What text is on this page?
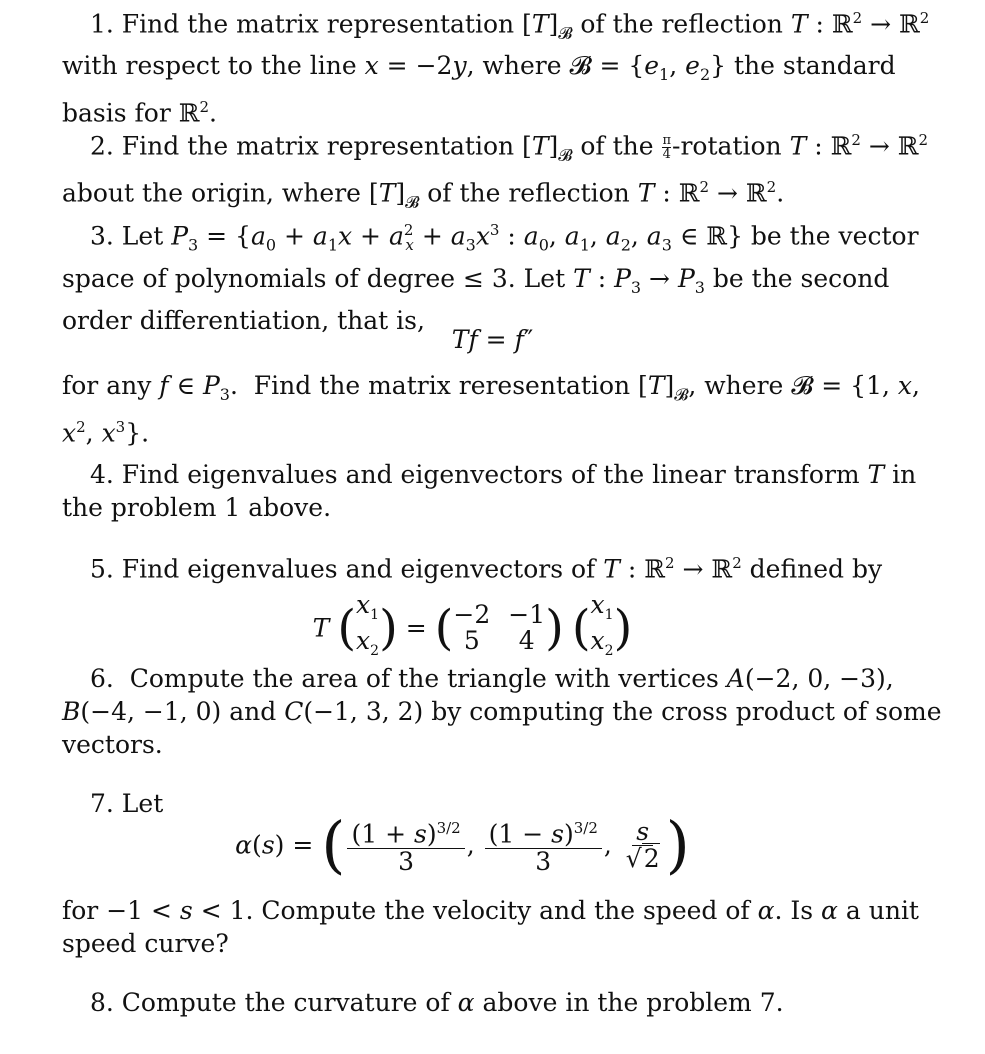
1. Find the matrix representation $[T]_𝓑$ of the reflection T : ℝ$^2$ → ℝ$^2$ with respect to the line x = −2y, where 𝓑 = {$e_1$, $e_2$} the standard basis for ℝ$^2$.
2. Find the matrix representation $[T]_𝓑$ of the $\frac{\pi}{4}$ -rotation T : ℝ$^2$ → ℝ$^2$ about the origin, where $[T]_𝓑$ of the reflection T : ℝ$^2$ → ℝ$^2$.
3. Let $P_3 = \{a_0 + a_1x + a^2_x + a_3x^3$ : $a_0$, $a_1$, $a_2$, $a_3$ ∈ ℝ} be the vector space of polynomials of degree ≤ 3. Let T : $P_3 \to P_3$ be the second order differentiation, that is,
Tf = f″
for any f ∈ $P_3$.  Find the matrix reresentation $[T]_𝓑$, where 𝓑 = {1, x, $x^2$, $x^3$}.
4. Find eigenvalues and eigenvectors of the linear transform T in the problem 1 above.
5. Find eigenvalues and eigenvectors of T : ℝ$^2$ → ℝ$^2$ defined by
T ( $x_1$
$x_2$ ) = ( −2 −1
5	4 ) ( $x_1$
$x_2$ )
6.  Compute the area of the triangle with vertices A(−2, 0, −3), B(−4, −1, 0) and C(−1, 3, 2) by computing the cross product of some vectors.
7. Let
α(s) = ( $\frac{(1 + s)^{3/2}}{3}$ , $\frac{(1 - s)^{3/2}}{3}$ , $\frac{s}{√2}$ )
for −1 < s < 1. Compute the velocity and the speed of α. Is α a unit speed curve?
8. Compute the curvature of α above in the problem 7.
